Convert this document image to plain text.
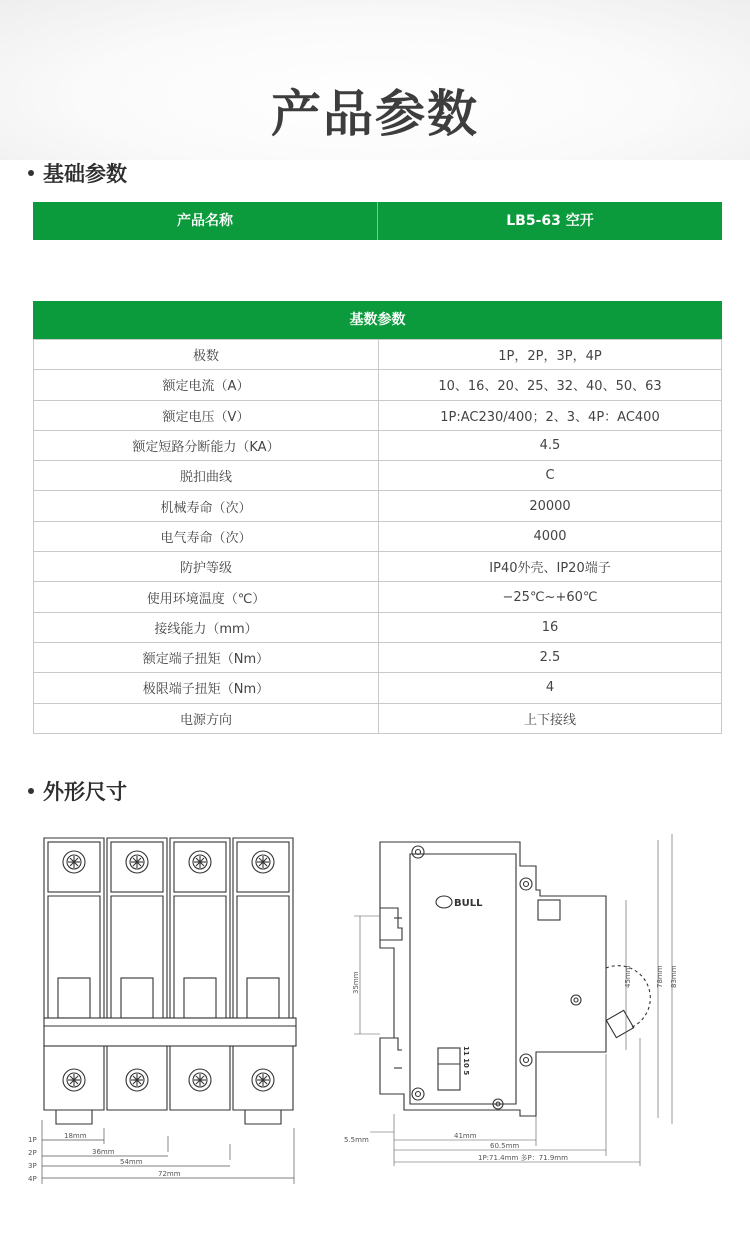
产品参数
基础参数
产品名称	LB5-63 空开
基数参数
极数	1P，2P，3P，4P
额定电流（A）	10、16、20、25、32、40、50、63
额定电压（V）	1P:AC230/400；2、3、4P：AC400
额定短路分断能力（KA）	4.5
脱扣曲线	C
机械寿命（次）	20000
电气寿命（次）	4000
防护等级	IP40外壳、IP20端子
使用环境温度（℃）	−25℃~+60℃
接线能力（mm）	16
额定端子扭矩（Nm）	2.5
极限端子扭矩（Nm）	4
电源方向	上下接线
外形尺寸
1P
2P
3P
4P
18mm
36mm
54mm
72mm
BULL
11 10 5
35mm	45mm	78mm 83mm
5.5mm	41mm
60.5mm
1P:71.4mm 多P：71.9mm
